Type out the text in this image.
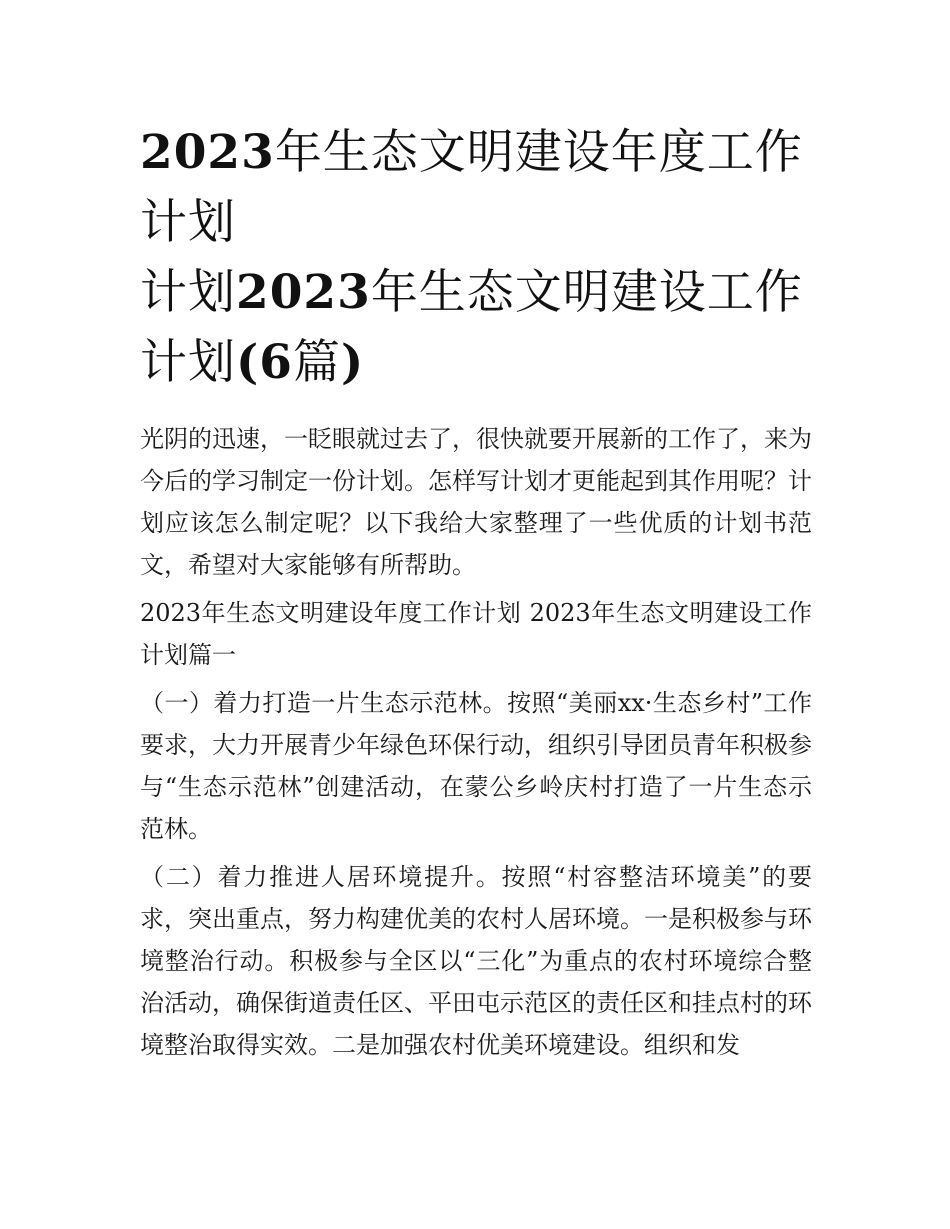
2023年生态文明建设年度工作计划
计划2023年生态文明建设工作计划(6篇)

光阴的迅速，一眨眼就过去了，很快就要开展新的工作了，来为今后的学习制定一份计划。怎样写计划才更能起到其作用呢？计划应该怎么制定呢？以下我给大家整理了一些优质的计划书范文，希望对大家能够有所帮助。

2023年生态文明建设年度工作计划 2023年生态文明建设工作计划篇一

（一）着力打造一片生态示范林。按照“美丽xx·生态乡村”工作要求，大力开展青少年绿色环保行动，组织引导团员青年积极参与“生态示范林”创建活动，在蒙公乡岭庆村打造了一片生态示范林。

（二）着力推进人居环境提升。按照“村容整洁环境美”的要求，突出重点，努力构建优美的农村人居环境。一是积极参与环境整治行动。积极参与全区以“三化”为重点的农村环境综合整治活动，确保街道责任区、平田屯示范区的责任区和挂点村的环境整治取得实效。二是加强农村优美环境建设。组织和发
